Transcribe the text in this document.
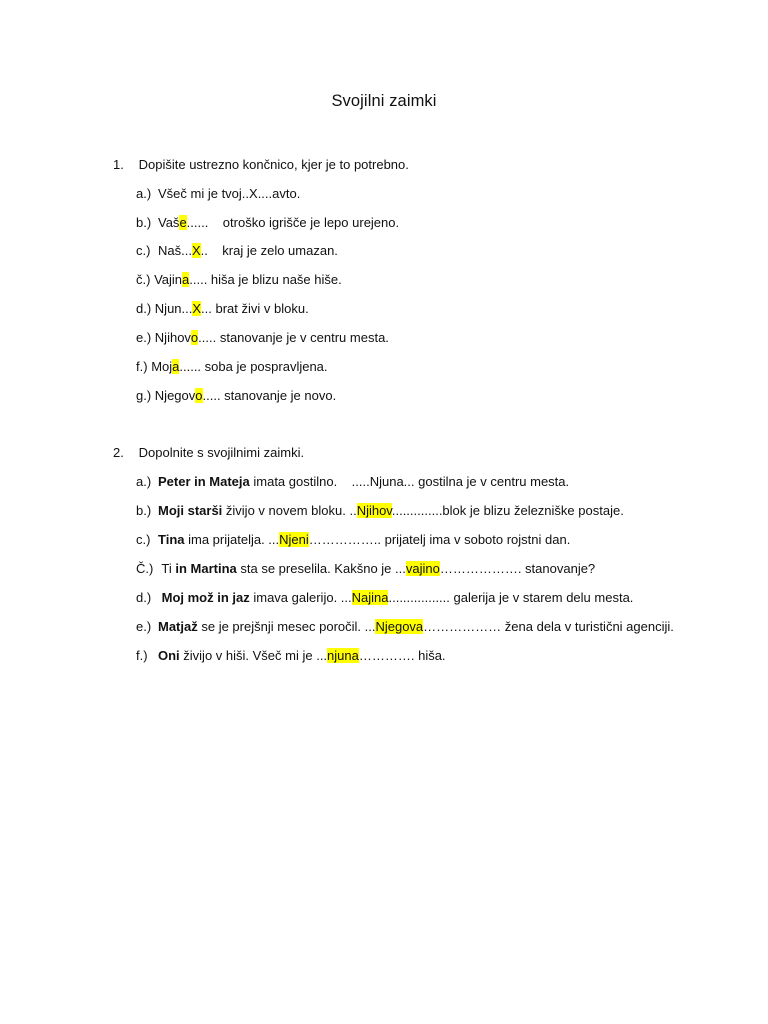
Svojilni zaimki
1. Dopišite ustrezno končnico, kjer je to potrebno.
a.) Všeč mi je tvoj..X....avto.
b.) Vaše......    otroško igrišče je lepo urejeno.
c.) Naš...X..    kraj je zelo umazan.
č.) Vajina..... hiša je blizu naše hiše.
d.) Njun...X... brat živi v bloku.
e.) Njihovo..... stanovanje je v centru mesta.
f.) Moja...... soba je pospravljena.
g.) Njegovo..... stanovanje je novo.
2. Dopolnite s svojilnimi zaimki.
a.) Peter in Mateja imata gostilno.    .....Njuna... gostilna je v centru mesta.
b.) Moji starši živijo v novem bloku. ..Njihov..............blok je blizu železniške postaje.
c.) Tina ima prijatelja. ...Njeni…………….. prijatelj ima v soboto rojstni dan.
Č.) Ti in Martina sta se preselila. Kakšno je ...vajino………………. stanovanje?
d.) Moj mož in jaz imava galerijo. ...Najina................. galerija je v starem delu mesta.
e.) Matjaž se je prejšnji mesec poročil. ...Njegova……………… žena dela v turistični agenciji.
f.) Oni živijo v hiši. Všeč mi je ...njuna…………. hiša.
